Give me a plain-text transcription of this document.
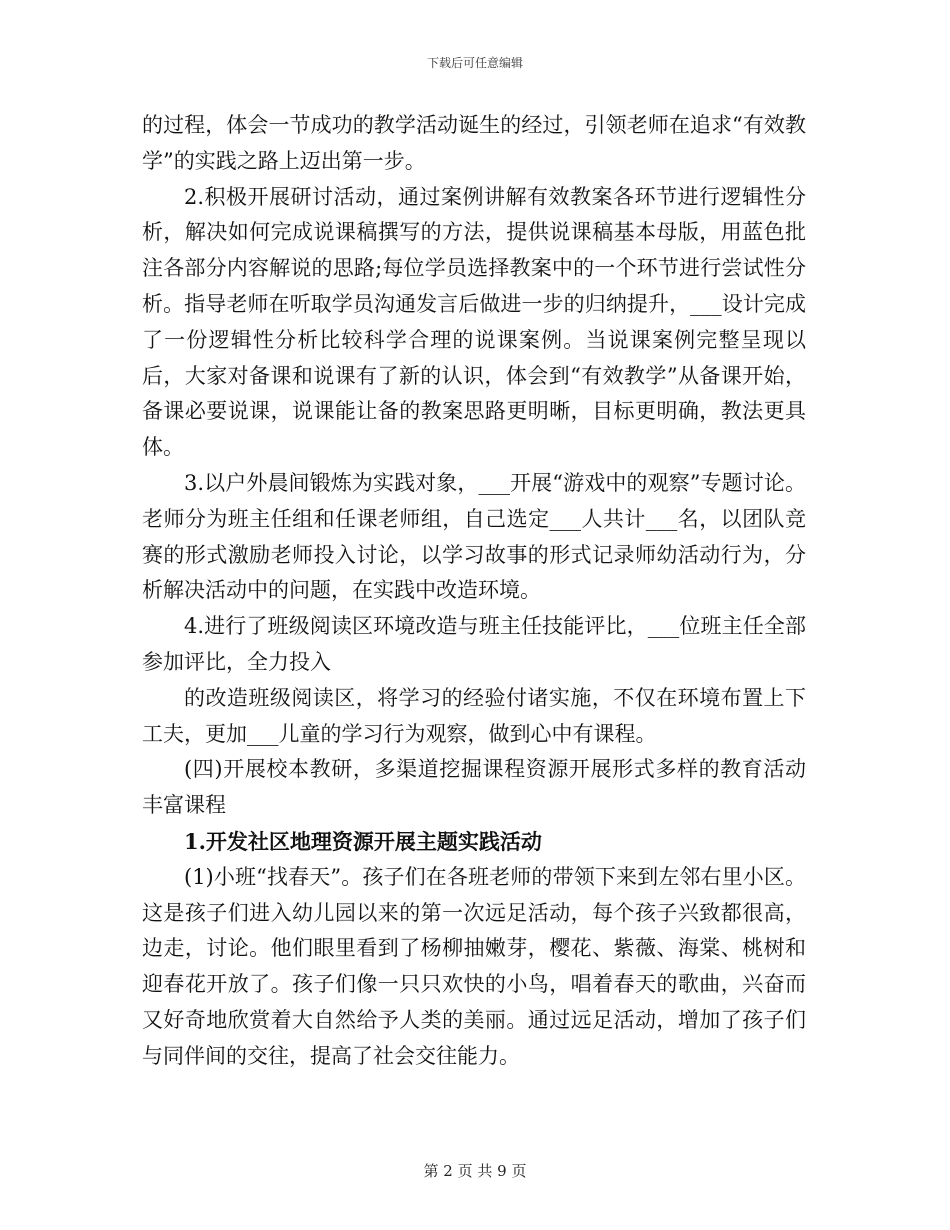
下载后可任意编辑

的过程，体会一节成功的教学活动诞生的经过，引领老师在追求“有效教学”的实践之路上迈出第一步。

2.积极开展研讨活动，通过案例讲解有效教案各环节进行逻辑性分析，解决如何完成说课稿撰写的方法，提供说课稿基本母版，用蓝色批注各部分内容解说的思路;每位学员选择教案中的一个环节进行尝试性分析。指导老师在听取学员沟通发言后做进一步的归纳提升，___设计完成了一份逻辑性分析比较科学合理的说课案例。当说课案例完整呈现以后，大家对备课和说课有了新的认识，体会到“有效教学”从备课开始，备课必要说课，说课能让备的教案思路更明晰，目标更明确，教法更具体。

3.以户外晨间锻炼为实践对象，___开展“游戏中的观察”专题讨论。老师分为班主任组和任课老师组，自己选定___人共计___名，以团队竞赛的形式激励老师投入讨论，以学习故事的形式记录师幼活动行为，分析解决活动中的问题，在实践中改造环境。

4.进行了班级阅读区环境改造与班主任技能评比，___位班主任全部参加评比，全力投入

的改造班级阅读区，将学习的经验付诸实施，不仅在环境布置上下工夫，更加___儿童的学习行为观察，做到心中有课程。

(四)开展校本教研，多渠道挖掘课程资源开展形式多样的教育活动丰富课程

1.开发社区地理资源开展主题实践活动

(1)小班“找春天”。孩子们在各班老师的带领下来到左邻右里小区。这是孩子们进入幼儿园以来的第一次远足活动，每个孩子兴致都很高，边走，讨论。他们眼里看到了杨柳抽嫩芽，樱花、紫薇、海棠、桃树和迎春花开放了。孩子们像一只只欢快的小鸟，唱着春天的歌曲，兴奋而又好奇地欣赏着大自然给予人类的美丽。通过远足活动，增加了孩子们与同伴间的交往，提高了社会交往能力。

第 2 页 共 9 页
